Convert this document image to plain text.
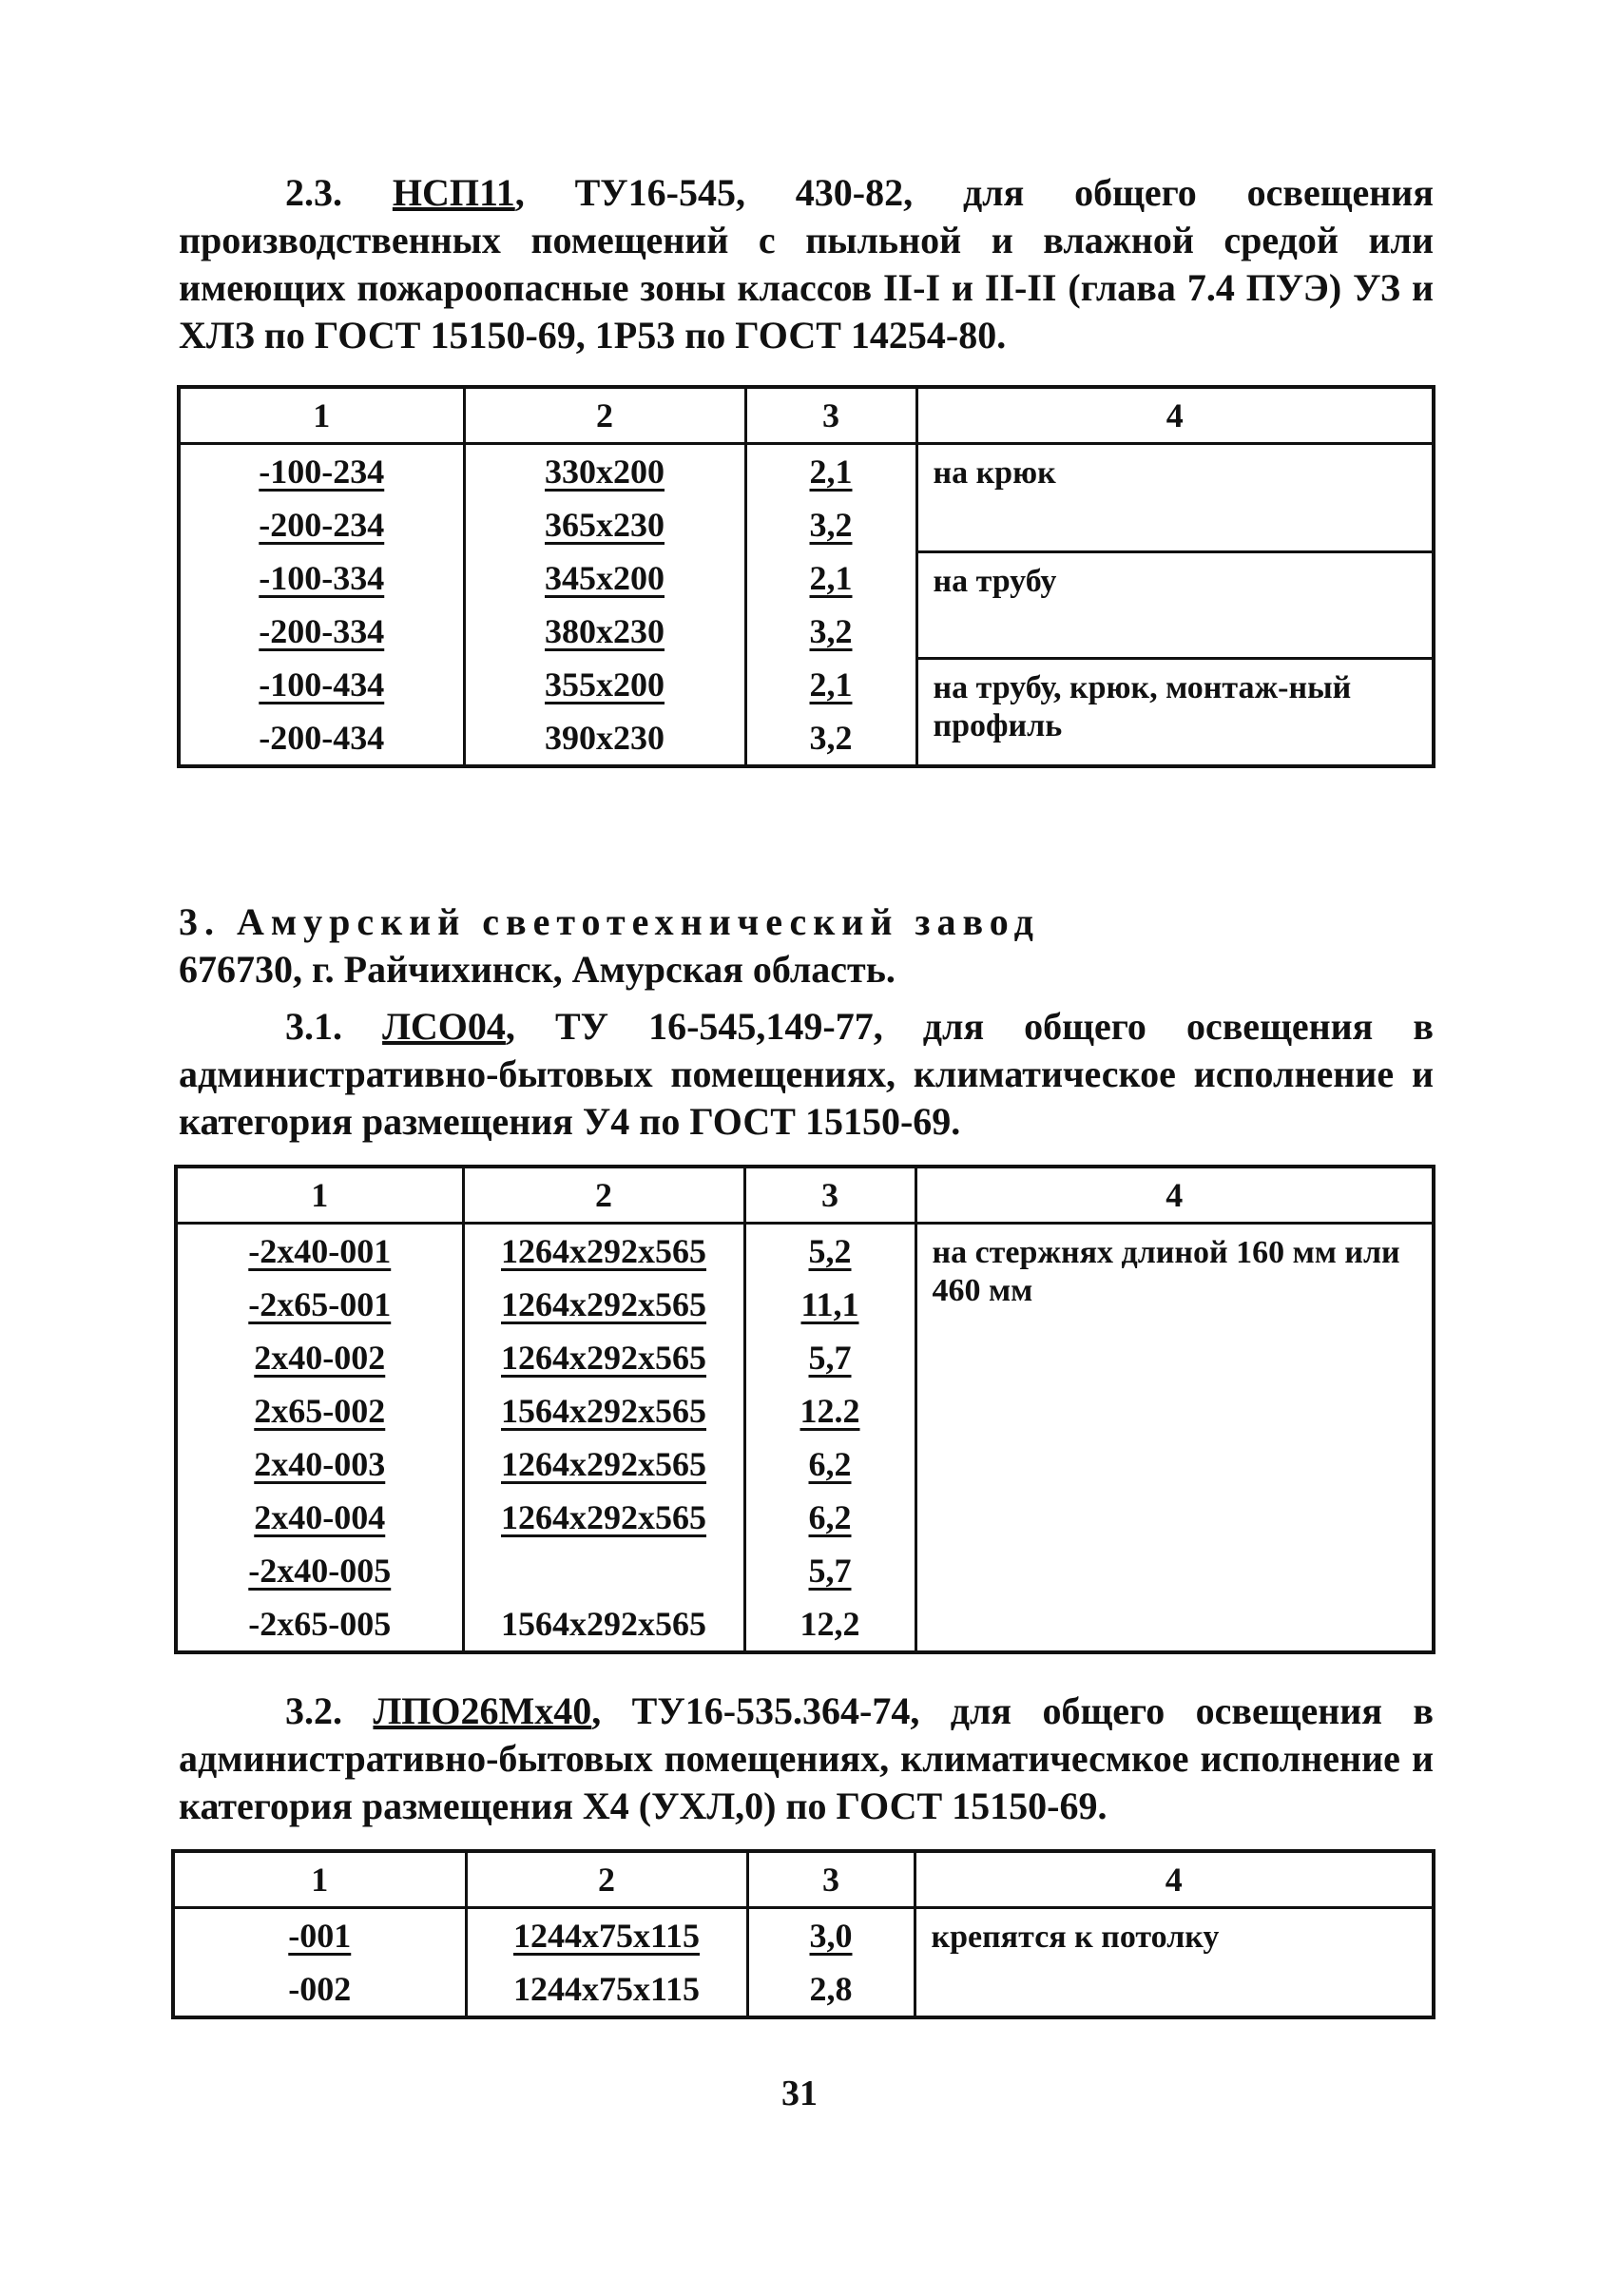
2.3. НСП11, ТУ16-545, 430-82, для общего освещения производственных помещений с пыльной и влажной средой или имеющих пожароопасные зоны классов II-I и II-II (глава 7.4 ПУЭ) УЗ и ХЛЗ по ГОСТ 15150-69, 1Р53 по ГОСТ 14254-80.

1	2	3	4
-100-234	330x200	2,1	на крюк
-200-234	365x230	3,2	
-100-334	345x200	2,1	на трубу
-200-334	380x230	3,2	
-100-434	355x200	2,1	на трубу, крюк, монтаж-ный профиль
-200-434	390x230	3,2	
3. Амурский светотехнический завод
676730, г. Райчихинск, Амурская область.

3.1. ЛСО04, ТУ 16-545,149-77, для общего освещения в административно-бытовых помещениях, климатическое исполнение и категория размещения У4 по ГОСТ 15150-69.

1	2	3	4
-2x40-001	1264x292x565	5,2	на стержнях длиной 160 мм или 460 мм
-2x65-001	1264x292x565	11,1	
2x40-002	1264x292x565	5,7	
2x65-002	1564x292x565	12.2	
2x40-003	1264x292x565	6,2	
2x40-004	1264x292x565	6,2	
-2x40-005		5,7	
-2x65-005	1564x292x565	12,2	

3.2. ЛПО26Мх40, ТУ16-535.364-74, для общего освещения в административно-бытовых помещениях, климатичесмкое исполнение и категория размещения Х4 (УХЛ,0) по ГОСТ 15150-69.

1	2	3	4
-001	1244x75x115	3,0	крепятся к потолку
-002	1244x75x115	2,8	
31
